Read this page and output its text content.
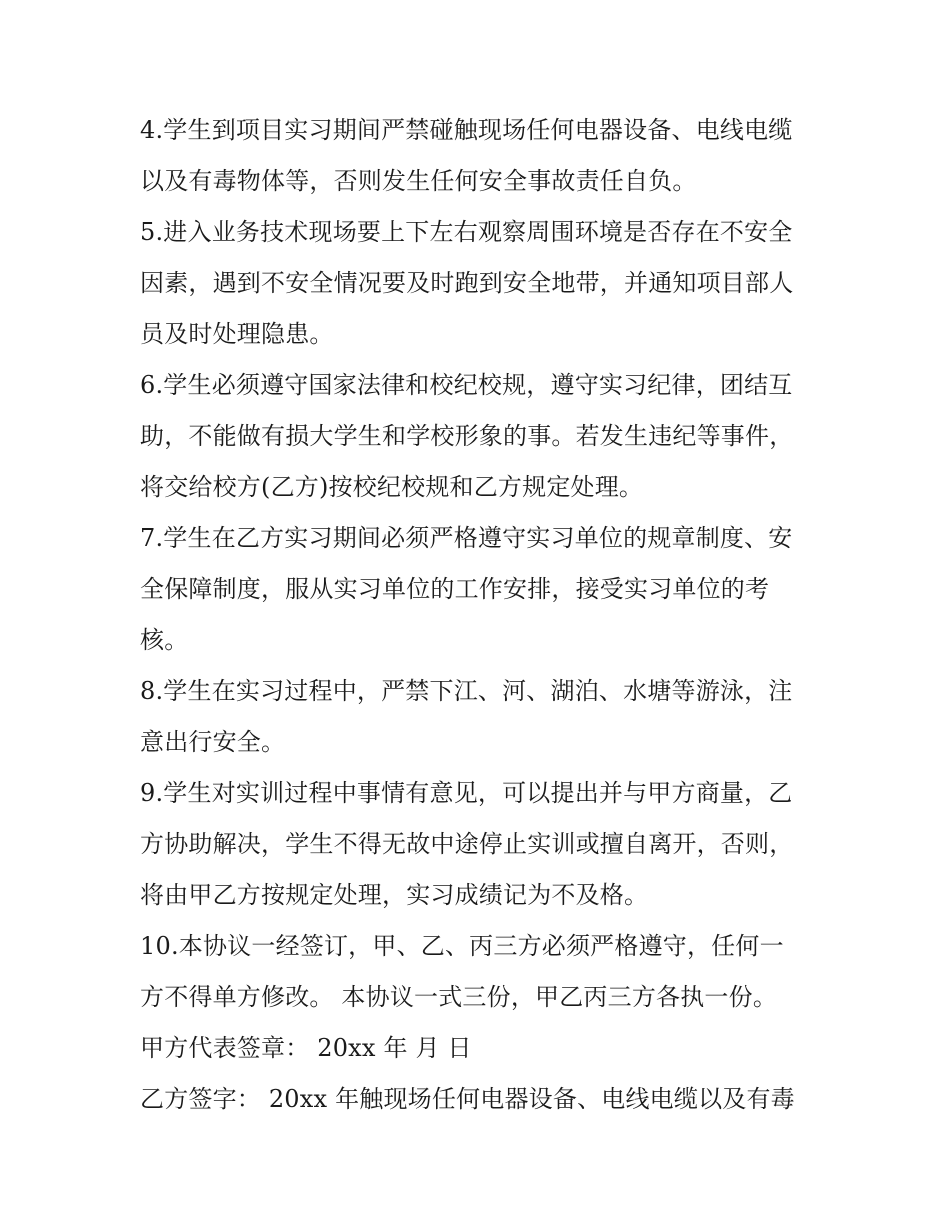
4.学生到项目实习期间严禁碰触现场任何电器设备、电线电缆
以及有毒物体等，否则发生任何安全事故责任自负。
5.进入业务技术现场要上下左右观察周围环境是否存在不安全
因素，遇到不安全情况要及时跑到安全地带，并通知项目部人
员及时处理隐患。
6.学生必须遵守国家法律和校纪校规，遵守实习纪律，团结互
助，不能做有损大学生和学校形象的事。若发生违纪等事件，
将交给校方(乙方)按校纪校规和乙方规定处理。
7.学生在乙方实习期间必须严格遵守实习单位的规章制度、安
全保障制度，服从实习单位的工作安排，接受实习单位的考
核。
8.学生在实习过程中，严禁下江、河、湖泊、水塘等游泳，注
意出行安全。
9.学生对实训过程中事情有意见，可以提出并与甲方商量，乙
方协助解决，学生不得无故中途停止实训或擅自离开，否则，
将由甲乙方按规定处理，实习成绩记为不及格。
10.本协议一经签订，甲、乙、丙三方必须严格遵守，任何一
方不得单方修改。 本协议一式三份，甲乙丙三方各执一份。
甲方代表签章： 20xx 年 月 日
乙方签字： 20xx 年触现场任何电器设备、电线电缆以及有毒
